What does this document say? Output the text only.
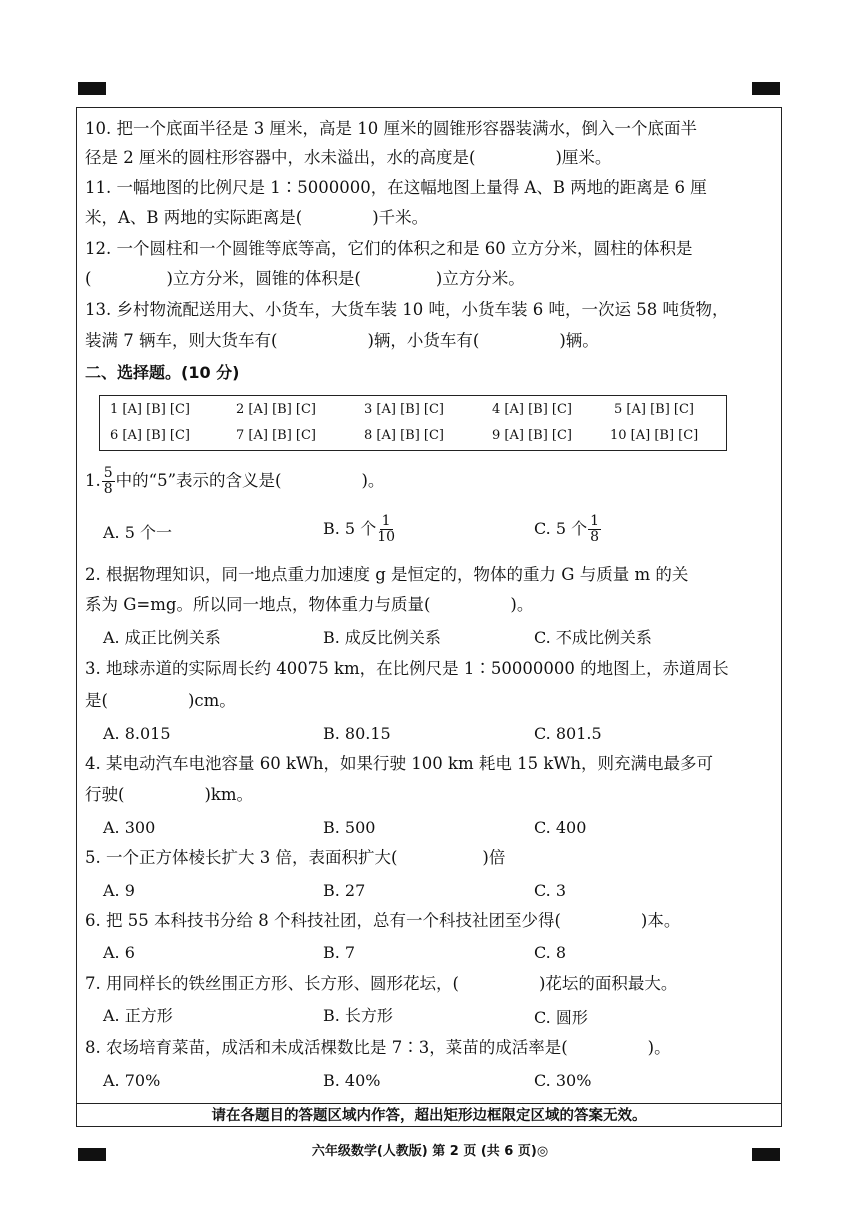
10. 把一个底面半径是 3 厘米，高是 10 厘米的圆锥形容器装满水，倒入一个底面半
径是 2 厘米的圆柱形容器中，水未溢出，水的高度是(	)厘米。
11. 一幅地图的比例尺是 1∶5000000，在这幅地图上量得 A、B 两地的距离是 6 厘
米，A、B 两地的实际距离是(	)千米。
12. 一个圆柱和一个圆锥等底等高，它们的体积之和是 60 立方分米，圆柱的体积是
(	)立方分米，圆锥的体积是(	)立方分米。
13. 乡村物流配送用大、小货车，大货车装 10 吨，小货车装 6 吨，一次运 58 吨货物，
装满 7 辆车，则大货车有(	)辆，小货车有(	)辆。
二、选择题。(10 分)
1 [A] [B] [C]	2 [A] [B] [C]	3 [A] [B] [C]	4 [A] [B] [C]	5 [A] [B] [C]
6 [A] [B] [C]	7 [A] [B] [C]	8 [A] [B] [C]	9 [A] [B] [C]	10 [A] [B] [C]
1. $\frac{5}{8}$ 中的“5”表示的含义是(	)。
A. 5 个一	B. 5 个 $\frac{1}{10}$	C. 5 个 $\frac{1}{8}$
2. 根据物理知识，同一地点重力加速度 g 是恒定的，物体的重力 G 与质量 m 的关
系为 G=mg。所以同一地点，物体重力与质量(	)。
A. 成正比例关系	B. 成反比例关系	C. 不成比例关系
3. 地球赤道的实际周长约 40075 km，在比例尺是 1∶50000000 的地图上，赤道周长
是(	)cm。
A. 8.015	B. 80.15	C. 801.5
4. 某电动汽车电池容量 60 kWh，如果行驶 100 km 耗电 15 kWh，则充满电最多可
行驶(	)km。
A. 300	B. 500	C. 400
5. 一个正方体棱长扩大 3 倍，表面积扩大(	)倍
A. 9	B. 27	C. 3
6. 把 55 本科技书分给 8 个科技社团，总有一个科技社团至少得(	)本。
A. 6	B. 7	C. 8
7. 用同样长的铁丝围正方形、长方形、圆形花坛，(	)花坛的面积最大。
A. 正方形	B. 长方形	C. 圆形
8. 农场培育菜苗，成活和未成活棵数比是 7∶3，菜苗的成活率是(	)。
A. 70%	B. 40%	C. 30%
请在各题目的答题区域内作答，超出矩形边框限定区域的答案无效。
六年级数学(人教版) 第 2 页 (共 6 页)◎
